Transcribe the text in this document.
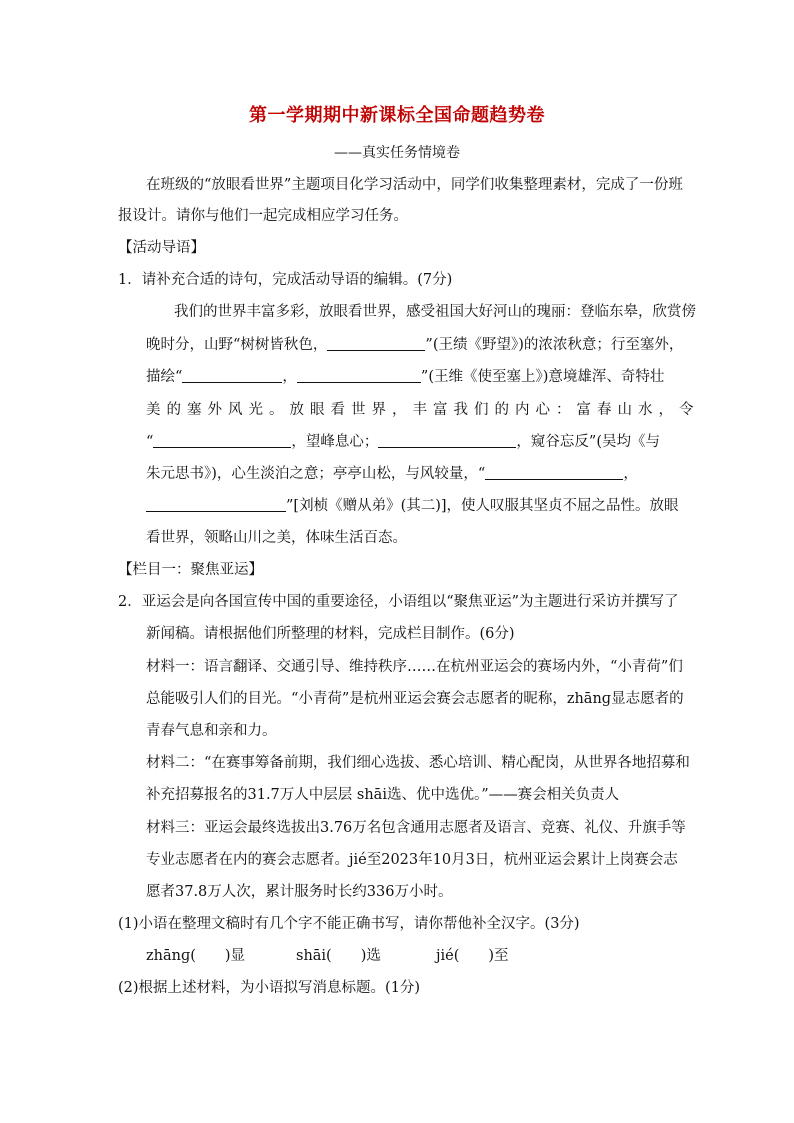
第一学期期中新课标全国命题趋势卷
——真实任务情境卷
在班级的“放眼看世界”主题项目化学习活动中，同学们收集整理素材，完成了一份班
报设计。请你与他们一起完成相应学习任务。
【活动导语】
1．请补充合适的诗句，完成活动导语的编辑。(7分)
我们的世界丰富多彩，放眼看世界，感受祖国大好河山的瑰丽：登临东皋，欣赏傍
晚时分，山野“树树皆秋色，	”(王绩《野望》)的浓浓秋意；行至塞外，
描绘“	，	”(王维《使至塞上》)意境雄浑、奇特壮
美的塞外风光。放眼看世界，丰富我们的内心：富春山水，令
“	，望峰息心；	，窥谷忘反”(吴均《与
朱元思书》)，心生淡泊之意；亭亭山松，与风较量，“	，
”[刘桢《赠从弟》(其二)]，使人叹服其坚贞不屈之品性。放眼
看世界，领略山川之美，体味生活百态。
【栏目一：聚焦亚运】
2．亚运会是向各国宣传中国的重要途径，小语组以“聚焦亚运”为主题进行采访并撰写了
新闻稿。请根据他们所整理的材料，完成栏目制作。(6分)
材料一：语言翻译、交通引导、维持秩序……在杭州亚运会的赛场内外，“小青荷”们
总能吸引人们的目光。“小青荷”是杭州亚运会赛会志愿者的昵称，zhānɡ显志愿者的
青春气息和亲和力。
材料二：“在赛事筹备前期，我们细心选拔、悉心培训、精心配岗，从世界各地招募和
补充招募报名的31.7万人中层层 shāi选、优中选优。”——赛会相关负责人
材料三：亚运会最终选拔出3.76万名包含通用志愿者及语言、竞赛、礼仪、升旗手等
专业志愿者在内的赛会志愿者。jié至2023年10月3日，杭州亚运会累计上岗赛会志
愿者37.8万人次，累计服务时长约336万小时。
(1)小语在整理文稿时有几个字不能正确书写，请你帮他补全汉字。(3分)
zhānɡ(　　)显	shāi(　　)选	jié(　　)至
(2)根据上述材料，为小语拟写消息标题。(1分)
